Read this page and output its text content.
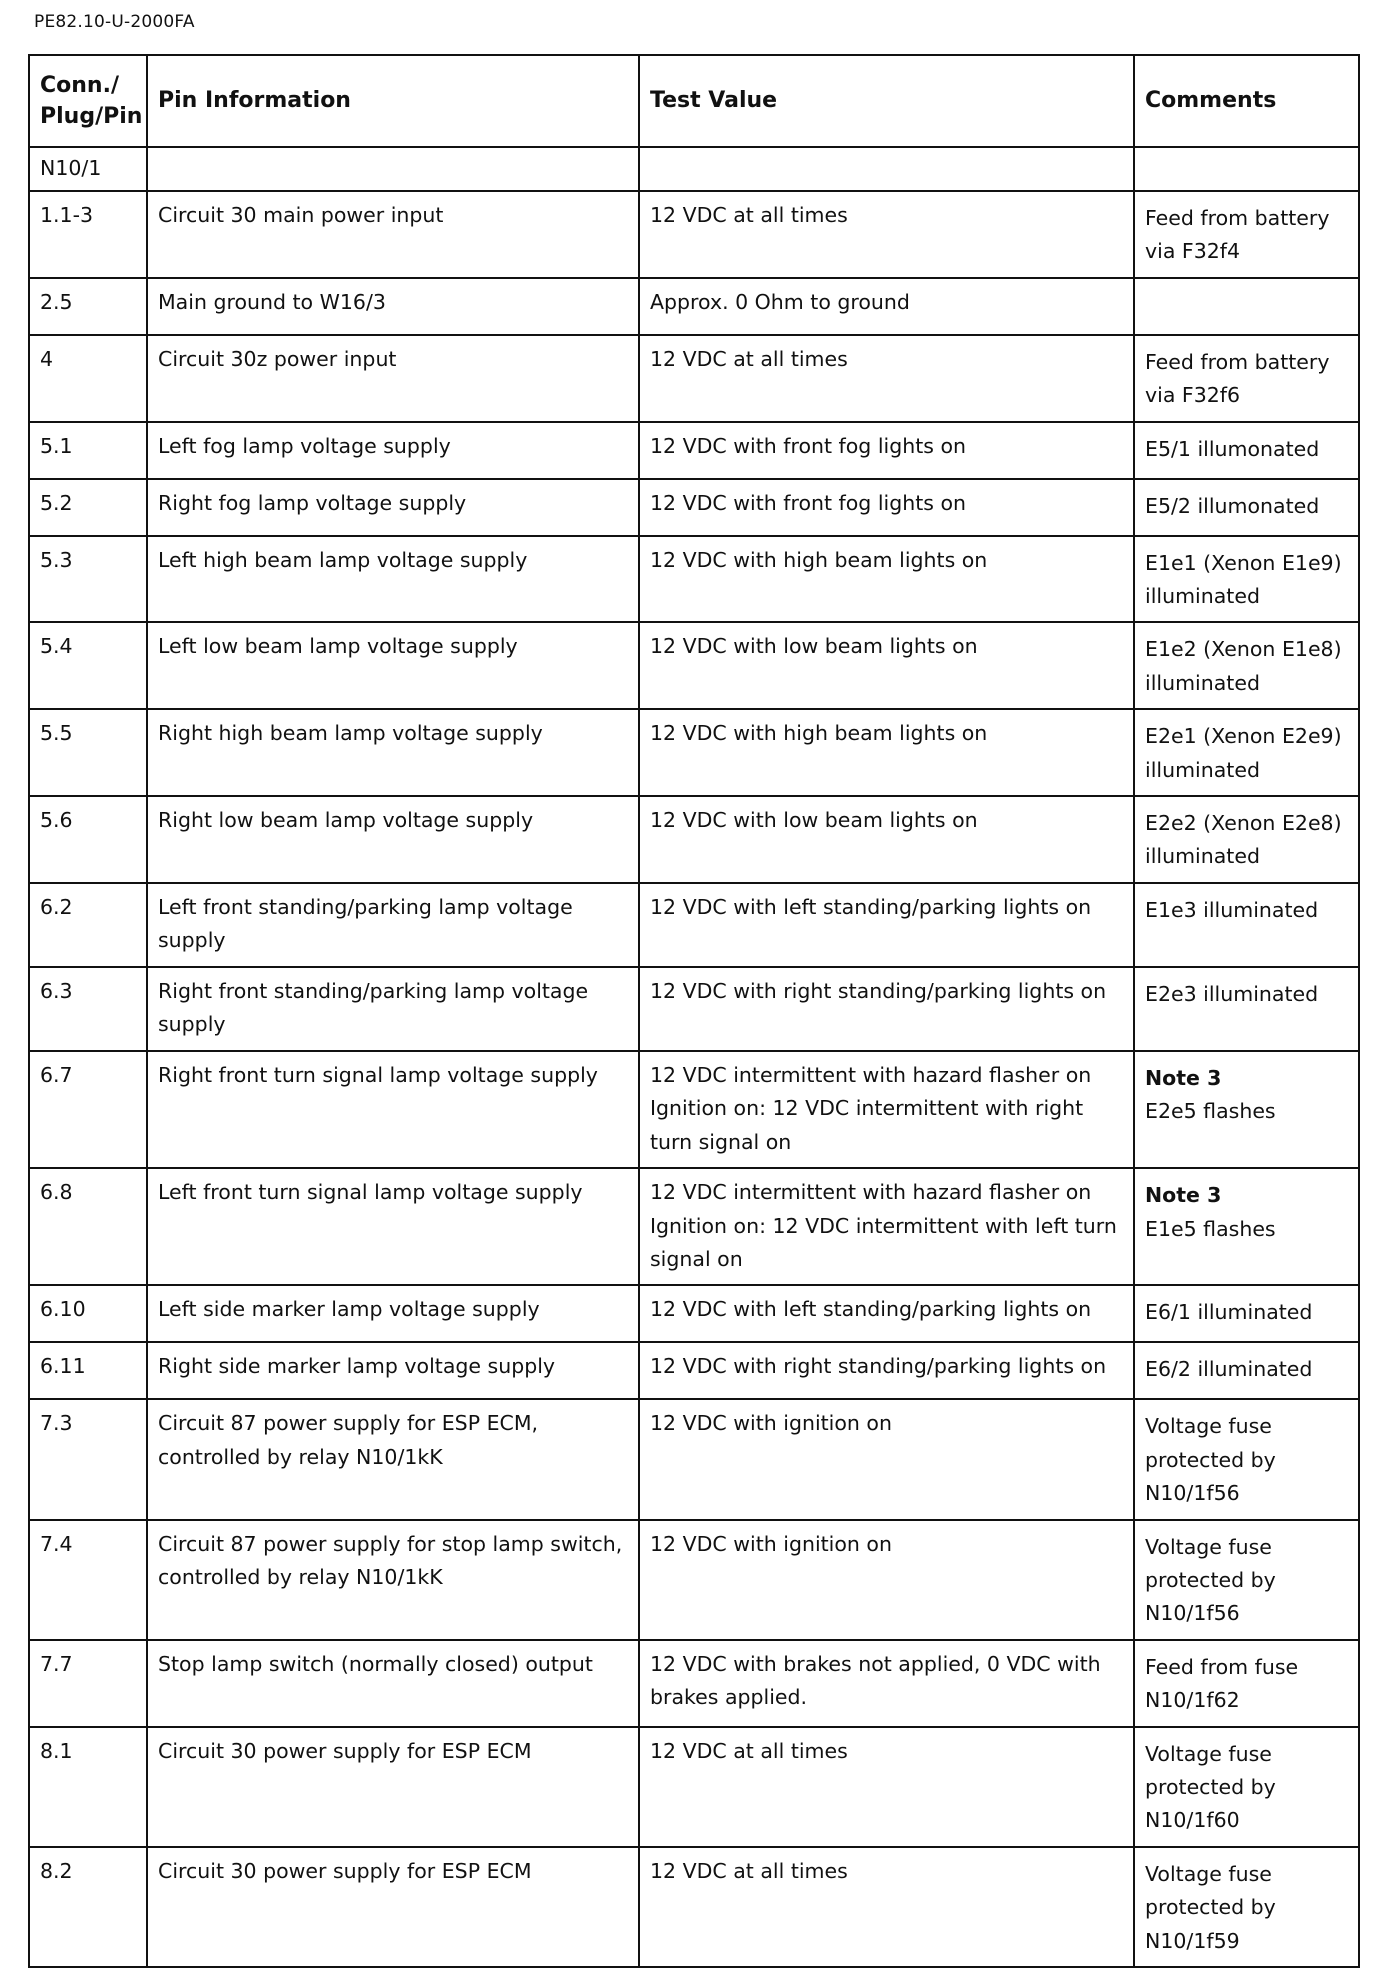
PE82.10-U-2000FA
Conn./ Plug/Pin	Pin Information	Test Value	Comments
N10/1			

1.1-3	Circuit 30 main power input	12 VDC at all times	Feed from battery via F32f4

2.5	Main ground to W16/3	Approx. 0 Ohm to ground	

4	Circuit 30z power input	12 VDC at all times	Feed from battery via F32f6

5.1	Left fog lamp voltage supply	12 VDC with front fog lights on	E5/1 illumonated

5.2	Right fog lamp voltage supply	12 VDC with front fog lights on	E5/2 illumonated

5.3	Left high beam lamp voltage supply	12 VDC with high beam lights on	E1e1 (Xenon E1e9) illuminated

5.4	Left low beam lamp voltage supply	12 VDC with low beam lights on	E1e2 (Xenon E1e8) illuminated

5.5	Right high beam lamp voltage supply	12 VDC with high beam lights on	E2e1 (Xenon E2e9) illuminated

5.6	Right low beam lamp voltage supply	12 VDC with low beam lights on	E2e2 (Xenon E2e8) illuminated

6.2	Left front standing/parking lamp voltage supply	12 VDC with left standing/parking lights on	E1e3 illuminated

6.3	Right front standing/parking lamp voltage supply	12 VDC with right standing/parking lights on	E2e3 illuminated

6.7	Right front turn signal lamp voltage supply	12 VDC intermittent with hazard flasher on Ignition on: 12 VDC intermittent with right turn signal on	Note 3
E2e5 flashes

6.8	Left front turn signal lamp voltage supply	12 VDC intermittent with hazard flasher on Ignition on: 12 VDC intermittent with left turn signal on	Note 3
E1e5 flashes

6.10	Left side marker lamp voltage supply	12 VDC with left standing/parking lights on	E6/1 illuminated

6.11	Right side marker lamp voltage supply	12 VDC with right standing/parking lights on	E6/2 illuminated

7.3	Circuit 87 power supply for ESP ECM, controlled by relay N10/1kK	12 VDC with ignition on	Voltage fuse protected by N10/1f56

7.4	Circuit 87 power supply for stop lamp switch, controlled by relay N10/1kK	12 VDC with ignition on	Voltage fuse protected by N10/1f56

7.7	Stop lamp switch (normally closed) output	12 VDC with brakes not applied, 0 VDC with brakes applied.	Feed from fuse N10/1f62

8.1	Circuit 30 power supply for ESP ECM	12 VDC at all times	Voltage fuse protected by N10/1f60

8.2	Circuit 30 power supply for ESP ECM	12 VDC at all times	Voltage fuse protected by N10/1f59
